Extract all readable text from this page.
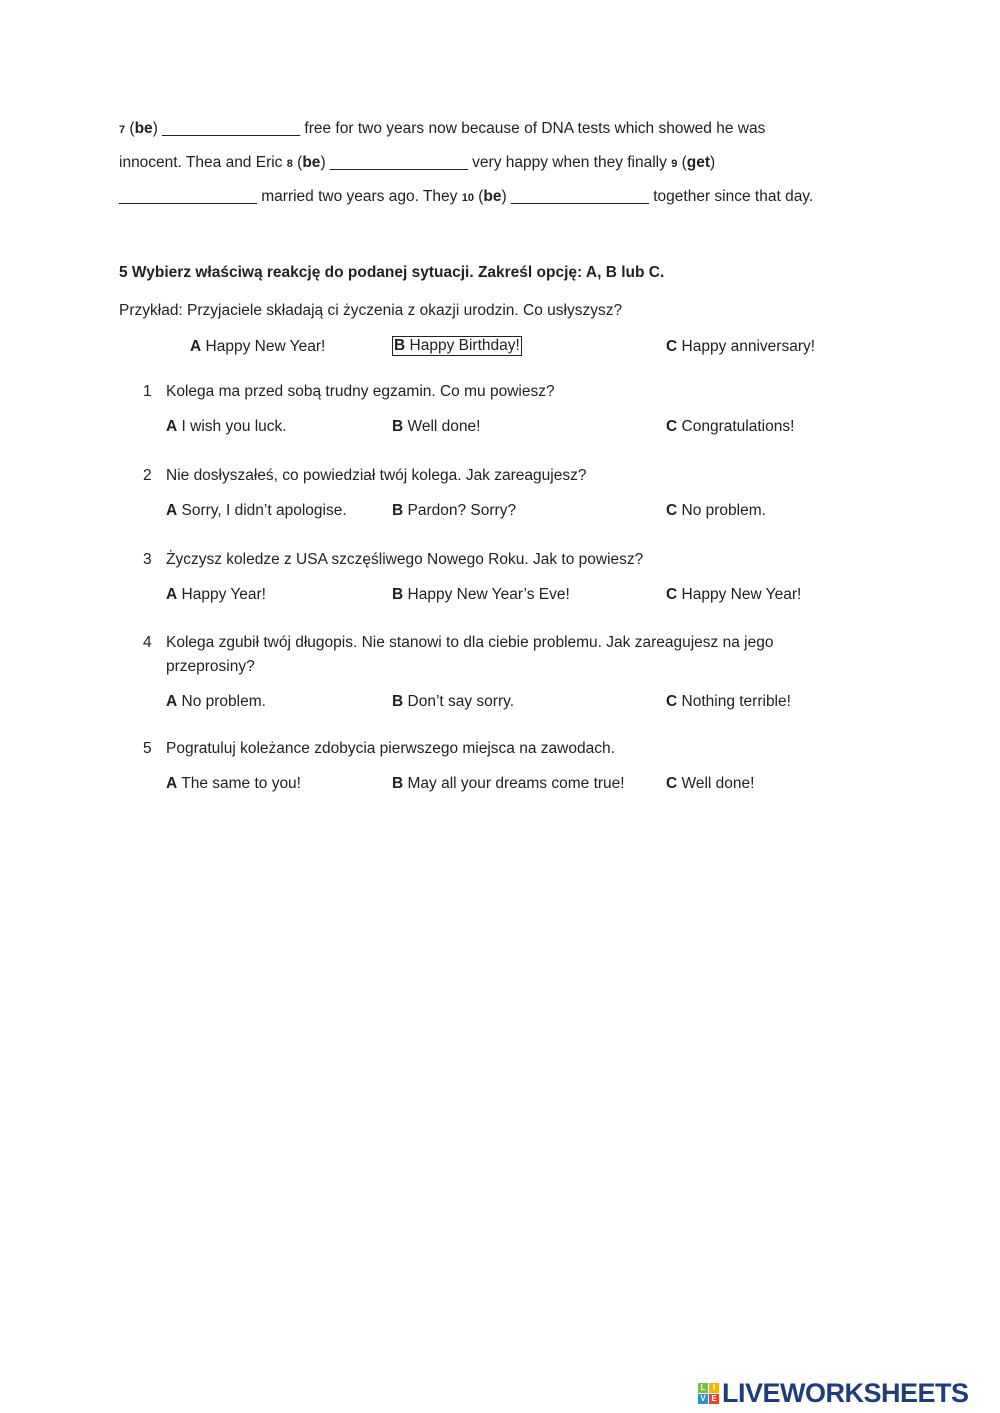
7 (be) ________________ free for two years now because of DNA tests which showed he was
innocent. Thea and Eric 8 (be) ________________ very happy when they finally 9 (get)
________________ married two years ago. They 10 (be) ________________ together since that day.
5 Wybierz właściwą reakcję do podanej sytuacji. Zakreśl opcję: A, B lub C.
Przykład: Przyjaciele składają ci życzenia z okazji urodzin. Co usłyszysz?
A Happy New Year!	B Happy Birthday!	C Happy anniversary!
1 Kolega ma przed sobą trudny egzamin. Co mu powiesz?
A I wish you luck.	B Well done!	C Congratulations!
2 Nie dosłyszałeś, co powiedział twój kolega. Jak zareagujesz?
A Sorry, I didn’t apologise.	B Pardon? Sorry?	C No problem.
3 Życzysz koledze z USA szczęśliwego Nowego Roku. Jak to powiesz?
A Happy Year!	B Happy New Year’s Eve!	C Happy New Year!
4 Kolega zgubił twój długopis. Nie stanowi to dla ciebie problemu. Jak zareagujesz na jego
przeprosiny?
A No problem.	B Don’t say sorry.	C Nothing terrible!
5 Pogratuluj koleżance zdobycia pierwszego miejsca na zawodach.
A The same to you!	B May all your dreams come true!	C Well done!
L I
V E LIVEWORKSHEETS
